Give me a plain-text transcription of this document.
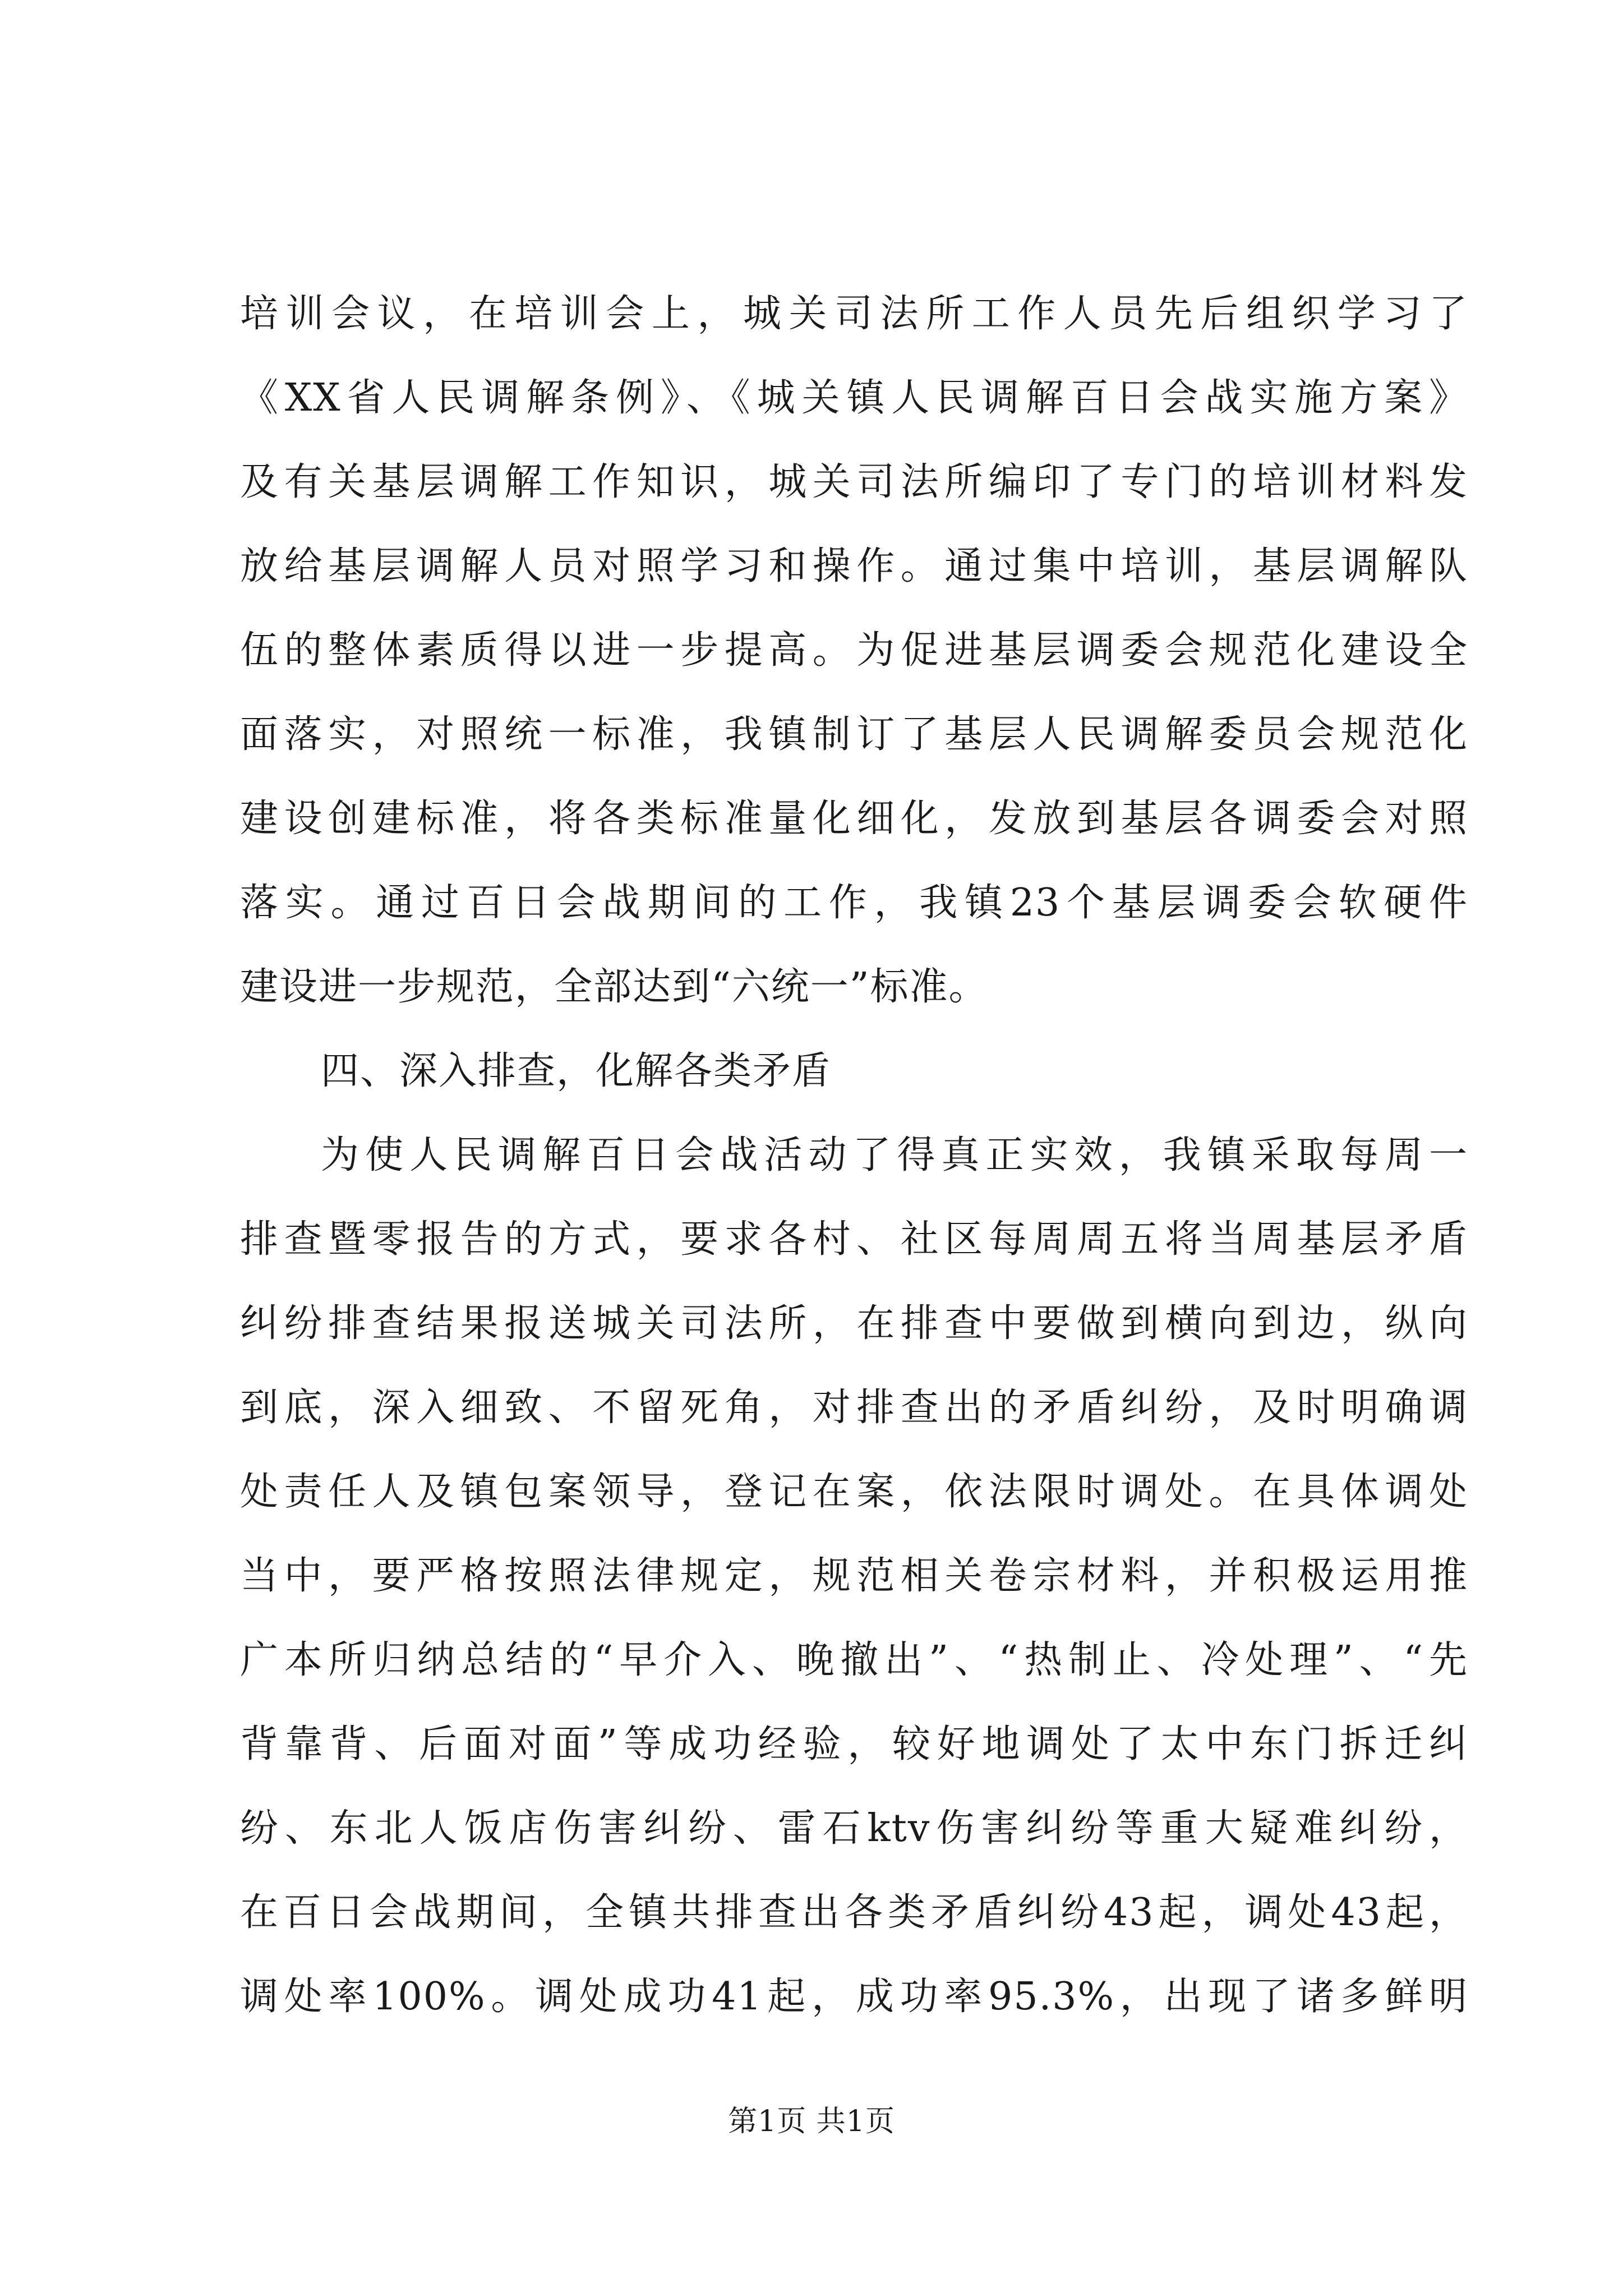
培训会议，在培训会上，城关司法所工作人员先后组织学习了
《XX省人民调解条例》、《城关镇人民调解百日会战实施方案》
及有关基层调解工作知识，城关司法所编印了专门的培训材料发
放给基层调解人员对照学习和操作。通过集中培训，基层调解队
伍的整体素质得以进一步提高。为促进基层调委会规范化建设全
面落实，对照统一标准，我镇制订了基层人民调解委员会规范化
建设创建标准，将各类标准量化细化，发放到基层各调委会对照
落实。通过百日会战期间的工作，我镇23个基层调委会软硬件
建设进一步规范，全部达到“六统一”标准。
四、深入排查，化解各类矛盾
为使人民调解百日会战活动了得真正实效，我镇采取每周一
排查暨零报告的方式，要求各村、社区每周周五将当周基层矛盾
纠纷排查结果报送城关司法所，在排查中要做到横向到边，纵向
到底，深入细致、不留死角，对排查出的矛盾纠纷，及时明确调
处责任人及镇包案领导，登记在案，依法限时调处。在具体调处
当中，要严格按照法律规定，规范相关卷宗材料，并积极运用推
广本所归纳总结的“早介入、晚撤出”、“热制止、冷处理”、“先
背靠背、后面对面”等成功经验，较好地调处了太中东门拆迁纠
纷、东北人饭店伤害纠纷、雷石ktv伤害纠纷等重大疑难纠纷，
在百日会战期间，全镇共排查出各类矛盾纠纷43起，调处43起，
调处率100%。调处成功41起，成功率95.3%，出现了诸多鲜明
第1页 共1页
